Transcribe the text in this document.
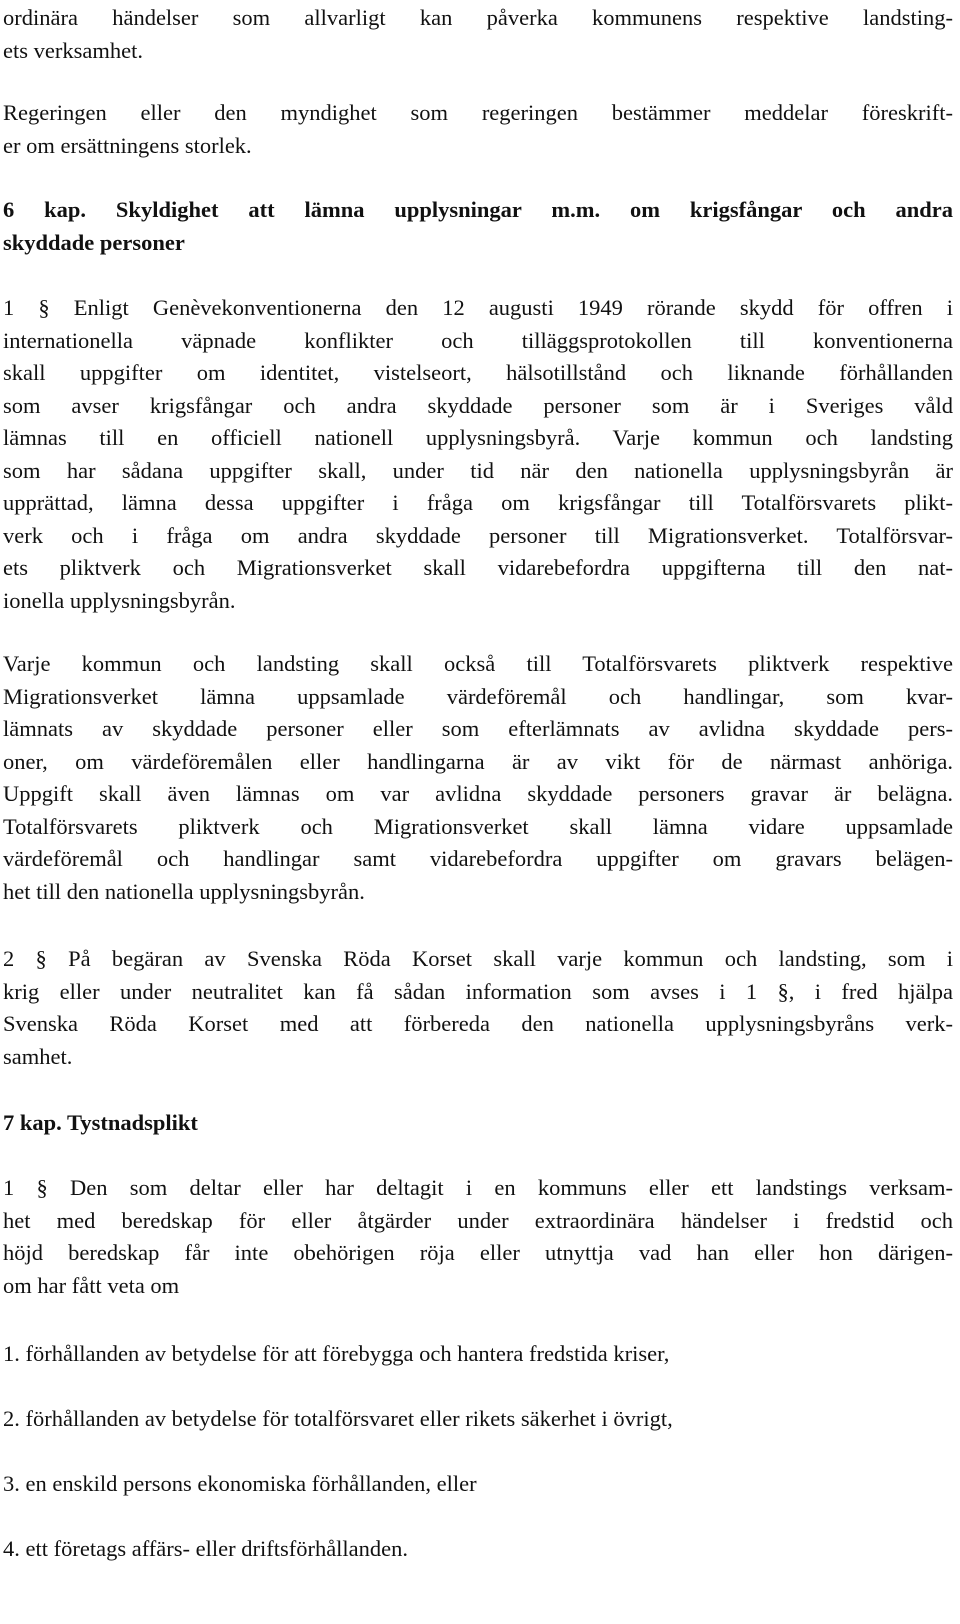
ordinära händelser som allvarligt kan påverka kommunens respektive landsting-
ets verksamhet.
Regeringen eller den myndighet som regeringen bestämmer meddelar föreskrift-
er om ersättningens storlek.
6 kap. Skyldighet att lämna upplysningar m.m. om krigsfångar och andra
skyddade personer
1 § Enligt Genèvekonventionerna den 12 augusti 1949 rörande skydd för offren i
internationella väpnade konflikter och tilläggsprotokollen till konventionerna
skall uppgifter om identitet, vistelseort, hälsotillstånd och liknande förhållanden
som avser krigsfångar och andra skyddade personer som är i Sveriges våld
lämnas till en officiell nationell upplysningsbyrå. Varje kommun och landsting
som har sådana uppgifter skall, under tid när den nationella upplysningsbyrån är
upprättad, lämna dessa uppgifter i fråga om krigsfångar till Totalförsvarets plikt-
verk och i fråga om andra skyddade personer till Migrationsverket. Totalförsvar-
ets pliktverk och Migrationsverket skall vidarebefordra uppgifterna till den nat-
ionella upplysningsbyrån.
Varje kommun och landsting skall också till Totalförsvarets pliktverk respektive
Migrationsverket lämna uppsamlade värdeföremål och handlingar, som kvar-
lämnats av skyddade personer eller som efterlämnats av avlidna skyddade pers-
oner, om värdeföremålen eller handlingarna är av vikt för de närmast anhöriga.
Uppgift skall även lämnas om var avlidna skyddade personers gravar är belägna.
Totalförsvarets pliktverk och Migrationsverket skall lämna vidare uppsamlade
värdeföremål och handlingar samt vidarebefordra uppgifter om gravars belägen-
het till den nationella upplysningsbyrån.
2 § På begäran av Svenska Röda Korset skall varje kommun och landsting, som i
krig eller under neutralitet kan få sådan information som avses i 1 §, i fred hjälpa
Svenska Röda Korset med att förbereda den nationella upplysningsbyråns verk-
samhet.
7 kap. Tystnadsplikt
1 § Den som deltar eller har deltagit i en kommuns eller ett landstings verksam-
het med beredskap för eller åtgärder under extraordinära händelser i fredstid och
höjd beredskap får inte obehörigen röja eller utnyttja vad han eller hon därigen-
om har fått veta om
1. förhållanden av betydelse för att förebygga och hantera fredstida kriser,
2. förhållanden av betydelse för totalförsvaret eller rikets säkerhet i övrigt,
3. en enskild persons ekonomiska förhållanden, eller
4. ett företags affärs- eller driftsförhållanden.
